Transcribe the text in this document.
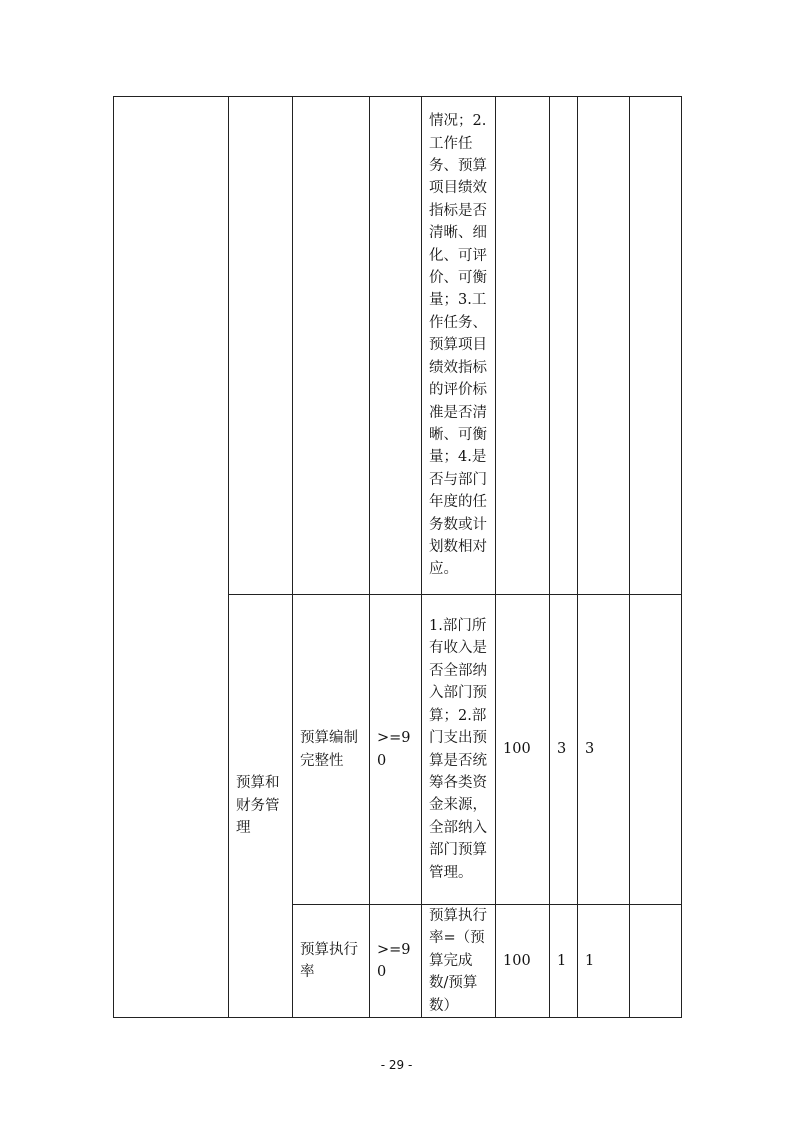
				情况；2.工作任务、预算项目绩效指标是否清晰、细化、可评价、可衡量；3.工作任务、预算项目绩效指标的评价标准是否清晰、可衡量；4.是否与部门年度的任务数或计划数相对应。				

	预算和财务管理	预算编制完整性	>=90	1.部门所有收入是否全部纳入部门预算；2.部门支出预算是否统筹各类资金来源，全部纳入部门预算管理。	100	3	3	

		预算执行率	>=90	预算执行率=（预算完成数/预算数）	100	1	1	

- 29 -
